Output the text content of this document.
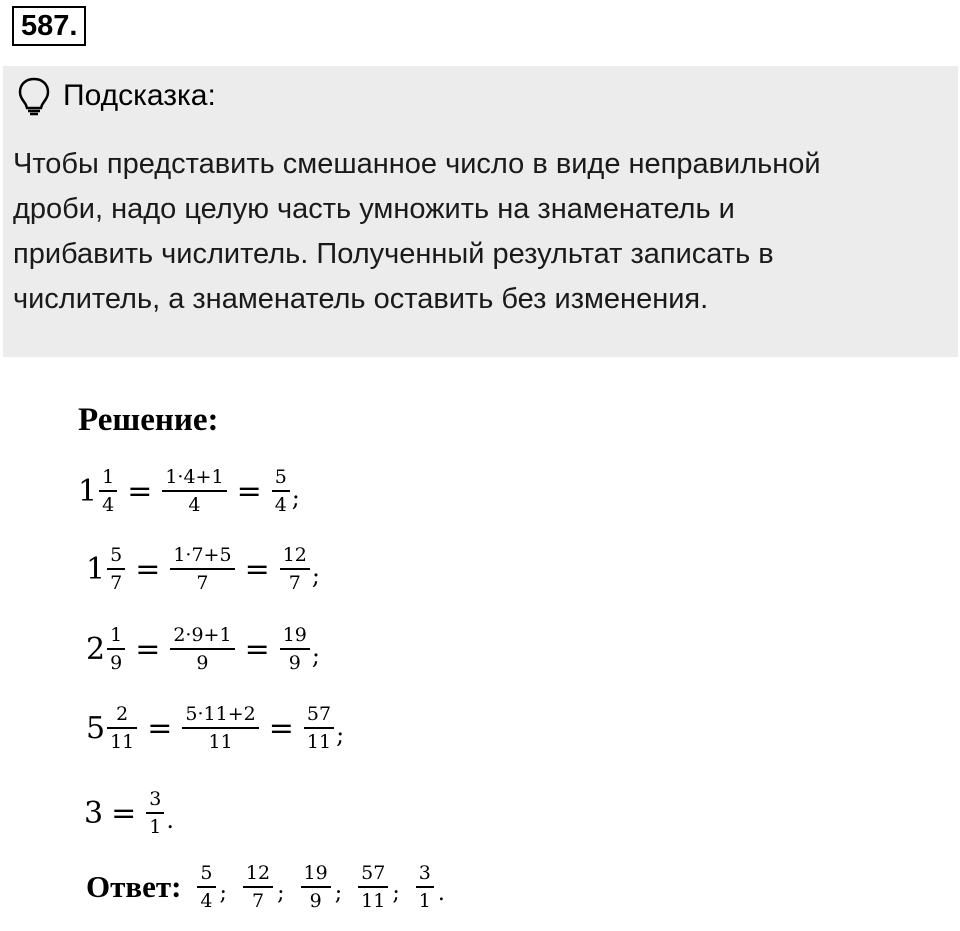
587.
Подсказка:
Чтобы представить смешанное число в виде неправильной
дроби, надо целую часть умножить на знаменатель и
прибавить числитель. Полученный результат записать в
числитель, а знаменатель оставить без изменения.
Решение:
$1 \frac{1}{4} = \frac{1\cdot 4+1}{4} = \frac{5}{4}$ ;
$1 \frac{5}{7} = \frac{1\cdot 7+5}{7} = \frac{12}{7}$ ;
$2 \frac{1}{9} = \frac{2\cdot 9+1}{9} = \frac{19}{9}$ ;
$5 \frac{2}{11} = \frac{5\cdot 11+2}{11} = \frac{57}{11}$ ;
$3 = \frac{3}{1}$ .
Ответ: $\frac{5}{4}$ ; $\frac{12}{7}$ ; $\frac{19}{9}$ ; $\frac{57}{11}$ ; $\frac{3}{1}$ .
